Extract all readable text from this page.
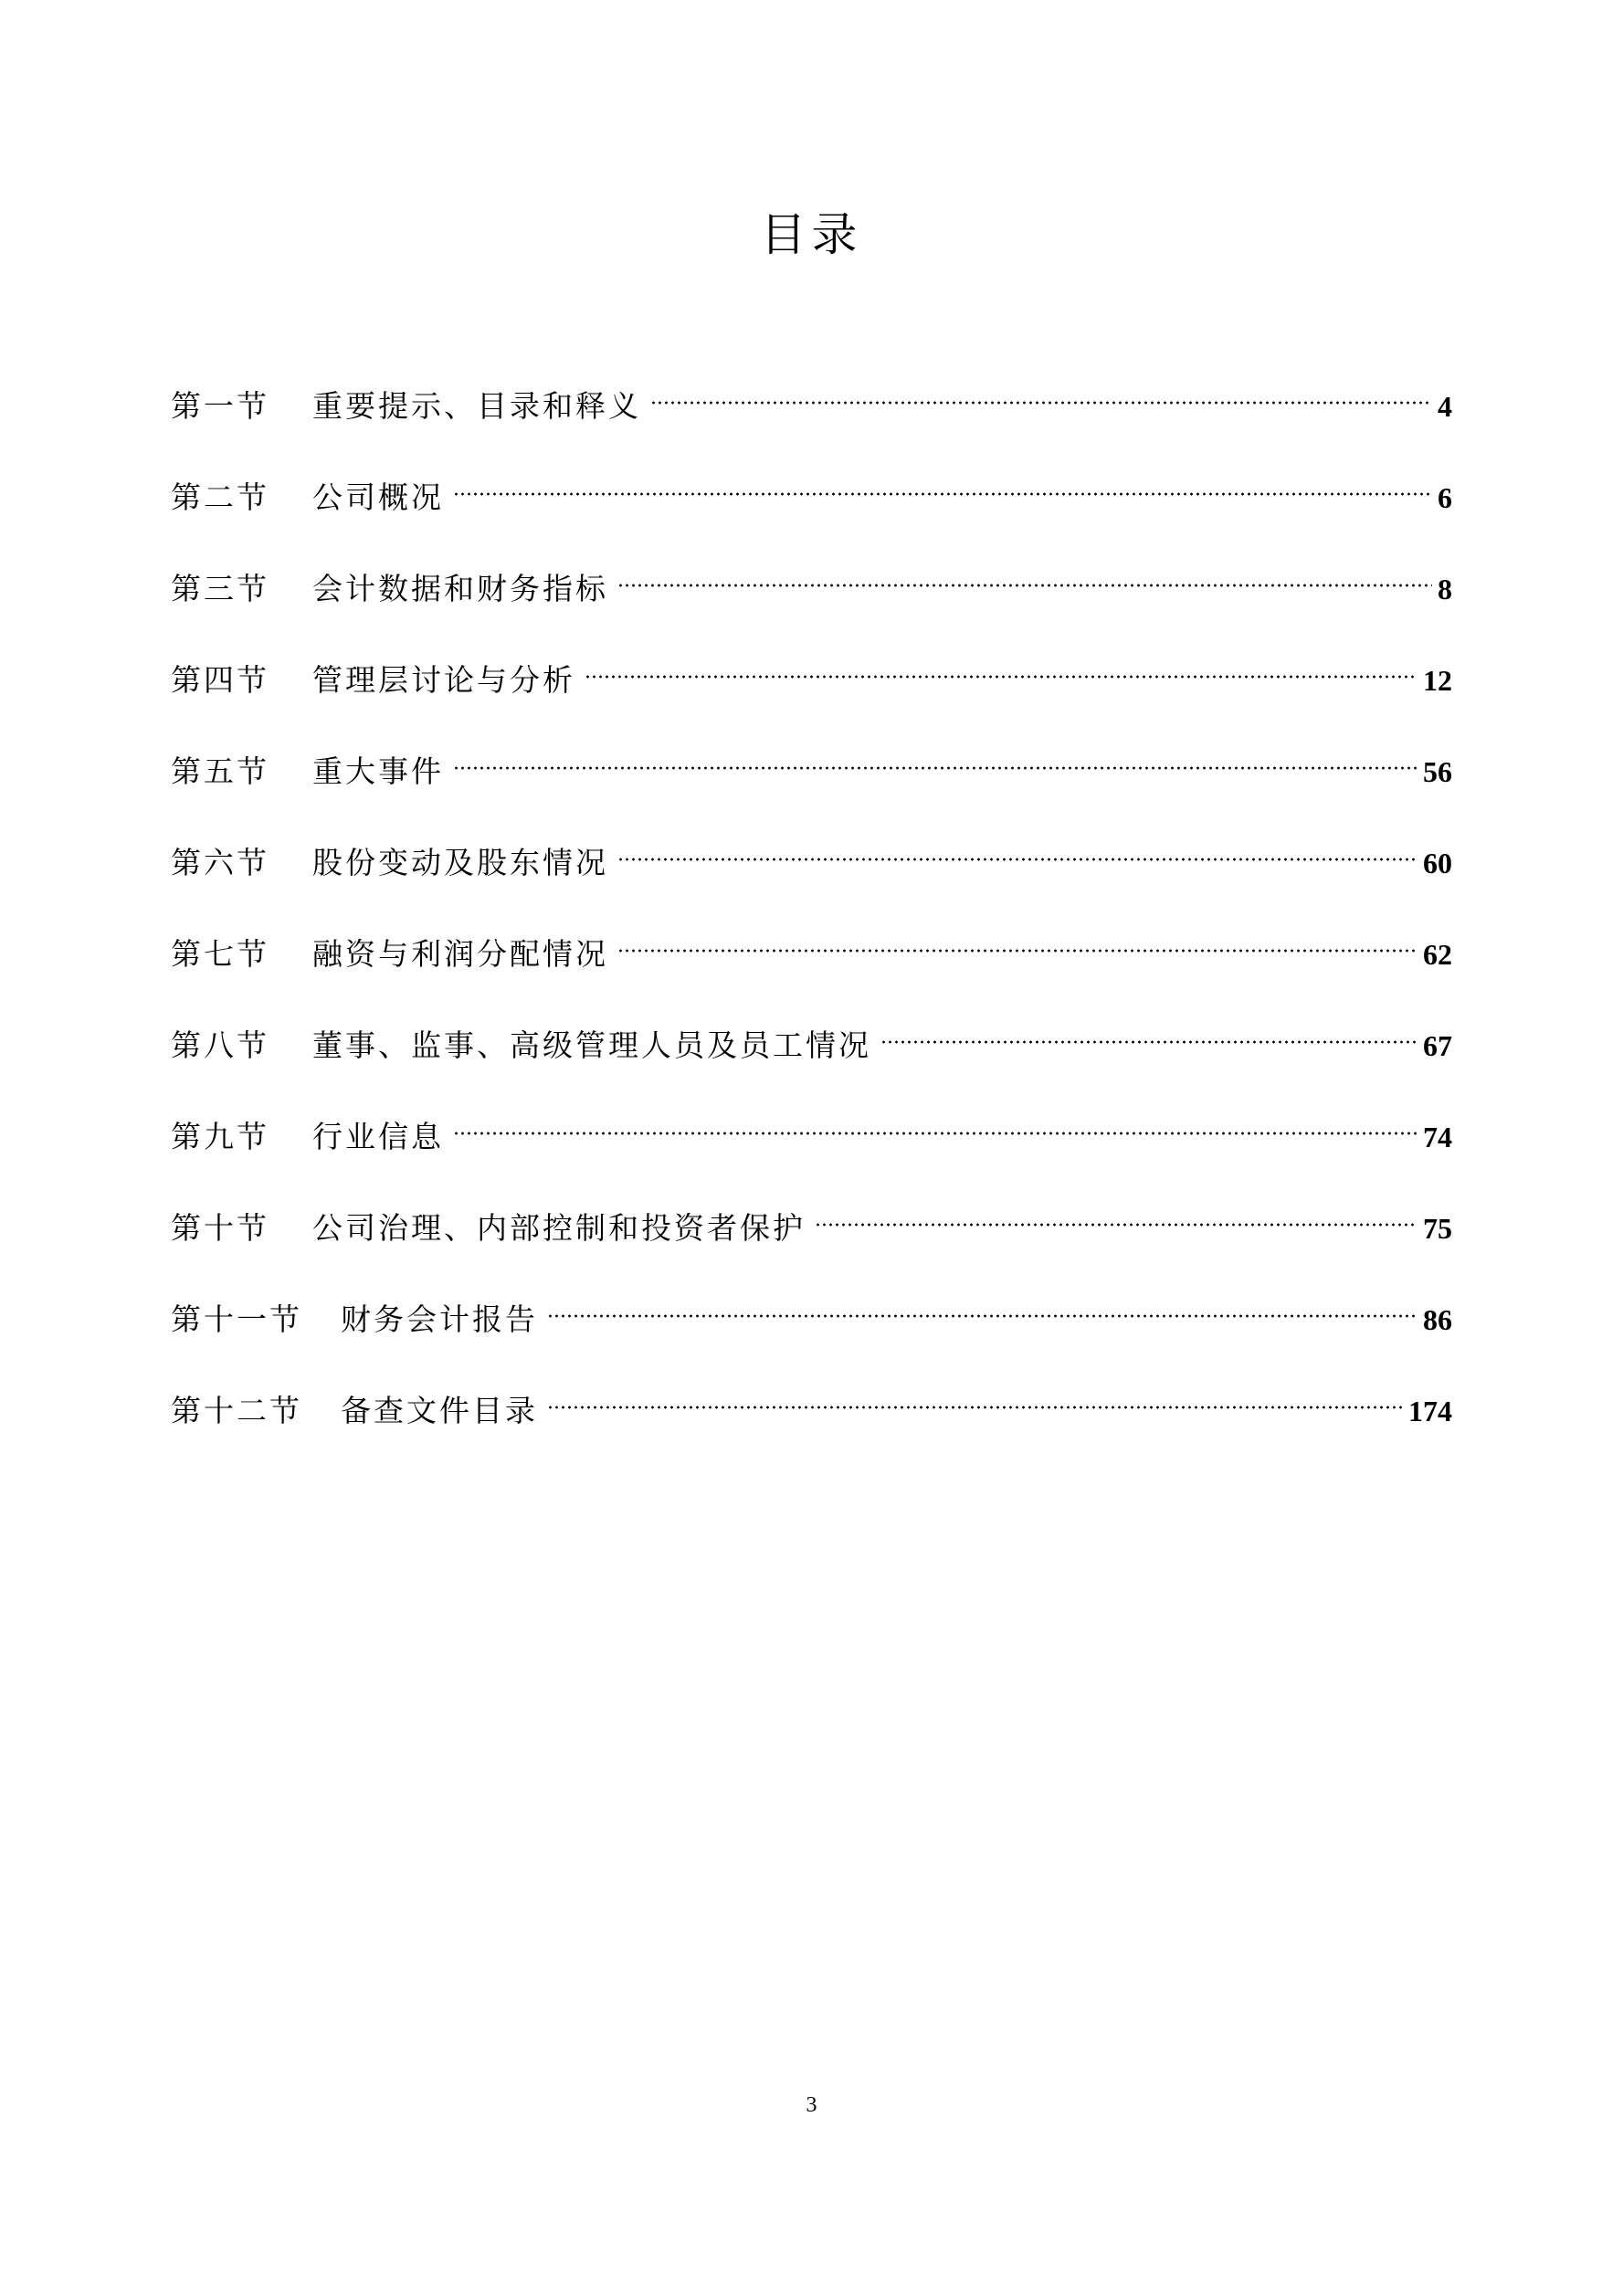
目录
第一节	重要提示、目录和释义	4
第二节	公司概况	6
第三节	会计数据和财务指标	8
第四节	管理层讨论与分析	12
第五节	重大事件	56
第六节	股份变动及股东情况	60
第七节	融资与利润分配情况	62
第八节	董事、监事、高级管理人员及员工情况	67
第九节	行业信息	74
第十节	公司治理、内部控制和投资者保护	75
第十一节	财务会计报告	86
第十二节	备查文件目录	174
3
